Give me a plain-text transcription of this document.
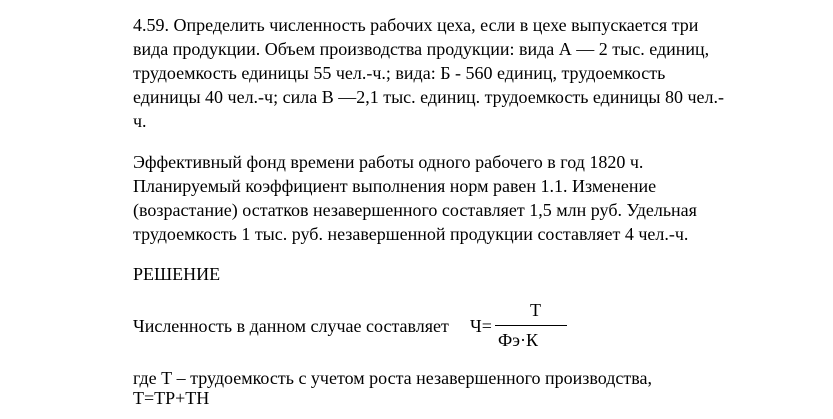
4.59. Определить численность рабочих цеха, если в цехе выпускается три

вида продукции. Объем производства продукции: вида А — 2 тыс. единиц,

трудоемкость единицы 55 чел.-ч.; вида: Б - 560 единиц, трудоемкость

единицы 40 чел.-ч; сила В —2,1 тыс. единиц. трудоемкость единицы 80 чел.-

ч.

Эффективный фонд времени работы одного рабочего в год 1820 ч.

Планируемый коэффициент выполнения норм равен 1.1. Изменение

(возрастание) остатков незавершенного составляет 1,5 млн руб. Удельная

трудоемкость 1 тыс. руб. незавершенной продукции составляет 4 чел.-ч.

РЕШЕНИЕ

Численность в данном случае составляет Ч=
Т
Фэ·К

где Т – трудоемкость с учетом роста незавершенного производства,

Т=ТР+ТН
